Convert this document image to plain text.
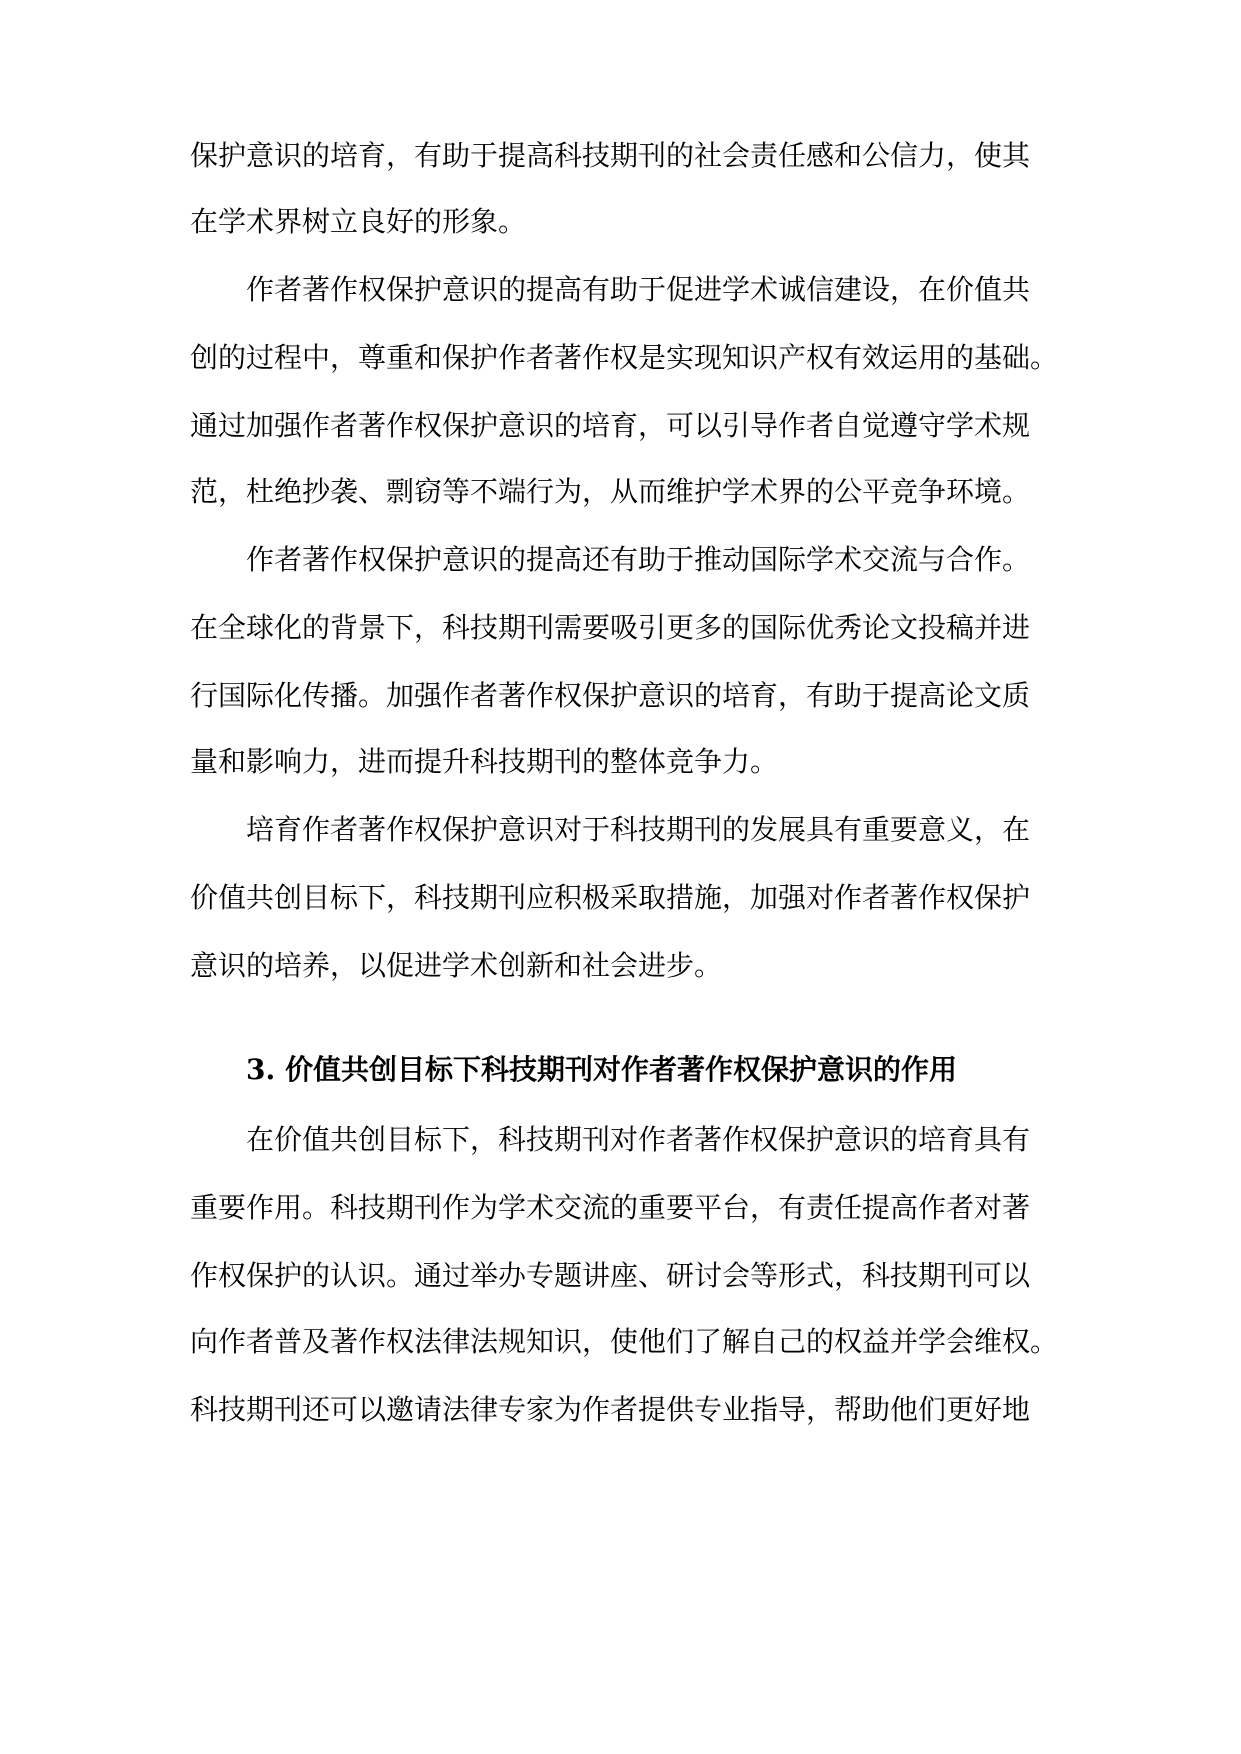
保护意识的培育，有助于提高科技期刊的社会责任感和公信力，使其
在学术界树立良好的形象。
作者著作权保护意识的提高有助于促进学术诚信建设，在价值共
创的过程中，尊重和保护作者著作权是实现知识产权有效运用的基础。
通过加强作者著作权保护意识的培育，可以引导作者自觉遵守学术规
范，杜绝抄袭、剽窃等不端行为，从而维护学术界的公平竞争环境。
作者著作权保护意识的提高还有助于推动国际学术交流与合作。
在全球化的背景下，科技期刊需要吸引更多的国际优秀论文投稿并进
行国际化传播。加强作者著作权保护意识的培育，有助于提高论文质
量和影响力，进而提升科技期刊的整体竞争力。
培育作者著作权保护意识对于科技期刊的发展具有重要意义，在
价值共创目标下，科技期刊应积极采取措施，加强对作者著作权保护
意识的培养，以促进学术创新和社会进步。
3. 价值共创目标下科技期刊对作者著作权保护意识的作用
在价值共创目标下，科技期刊对作者著作权保护意识的培育具有
重要作用。科技期刊作为学术交流的重要平台，有责任提高作者对著
作权保护的认识。通过举办专题讲座、研讨会等形式，科技期刊可以
向作者普及著作权法律法规知识，使他们了解自己的权益并学会维权。
科技期刊还可以邀请法律专家为作者提供专业指导，帮助他们更好地
